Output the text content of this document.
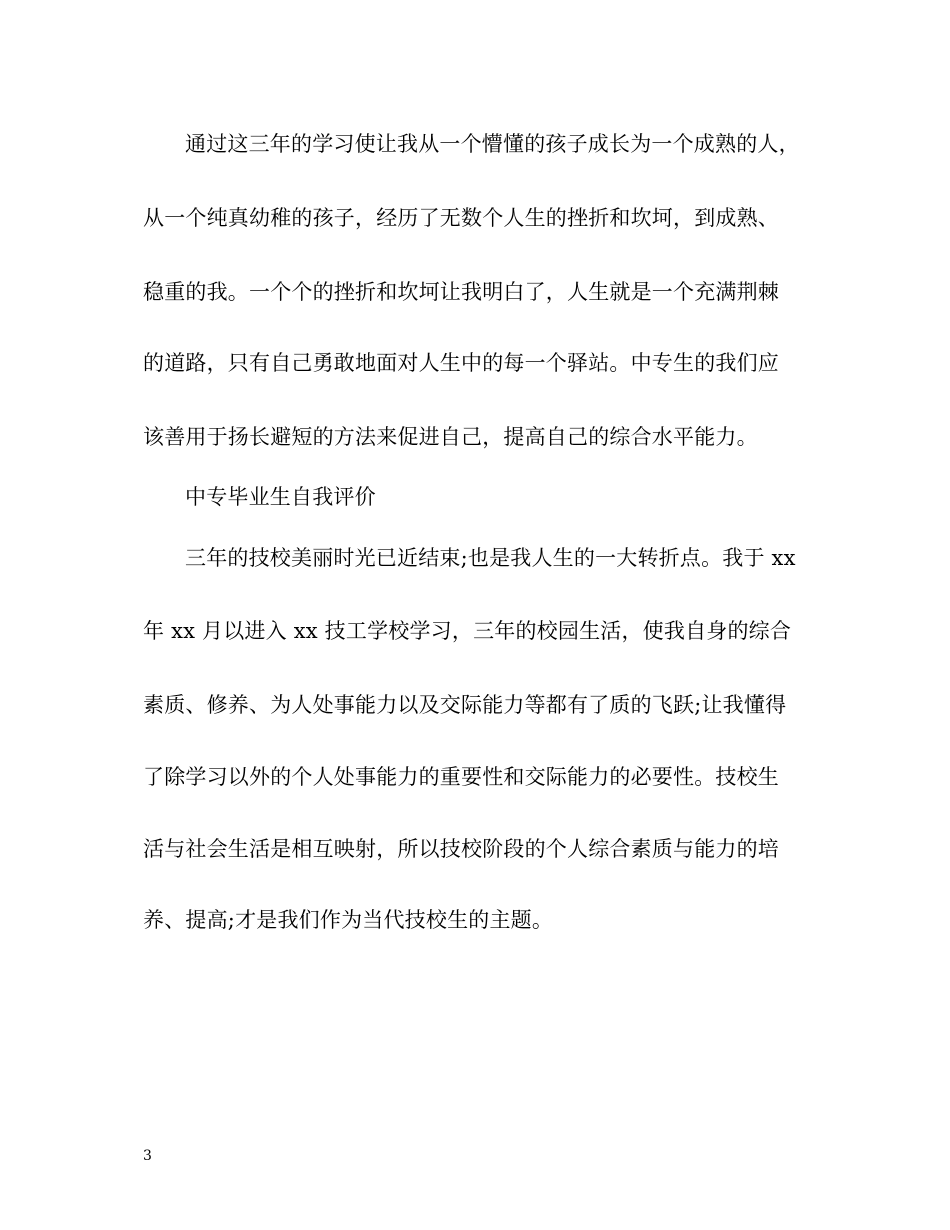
通过这三年的学习使让我从一个懵懂的孩子成长为一个成熟的人，

从一个纯真幼稚的孩子，经历了无数个人生的挫折和坎坷，到成熟、

稳重的我。一个个的挫折和坎坷让我明白了，人生就是一个充满荆棘

的道路，只有自己勇敢地面对人生中的每一个驿站。中专生的我们应

该善用于扬长避短的方法来促进自己，提高自己的综合水平能力。

中专毕业生自我评价

三年的技校美丽时光已近结束;也是我人生的一大转折点。我于 xx

年 xx 月以进入 xx 技工学校学习，三年的校园生活，使我自身的综合

素质、修养、为人处事能力以及交际能力等都有了质的飞跃;让我懂得

了除学习以外的个人处事能力的重要性和交际能力的必要性。技校生

活与社会生活是相互映射，所以技校阶段的个人综合素质与能力的培

养、提高;才是我们作为当代技校生的主题。

3
